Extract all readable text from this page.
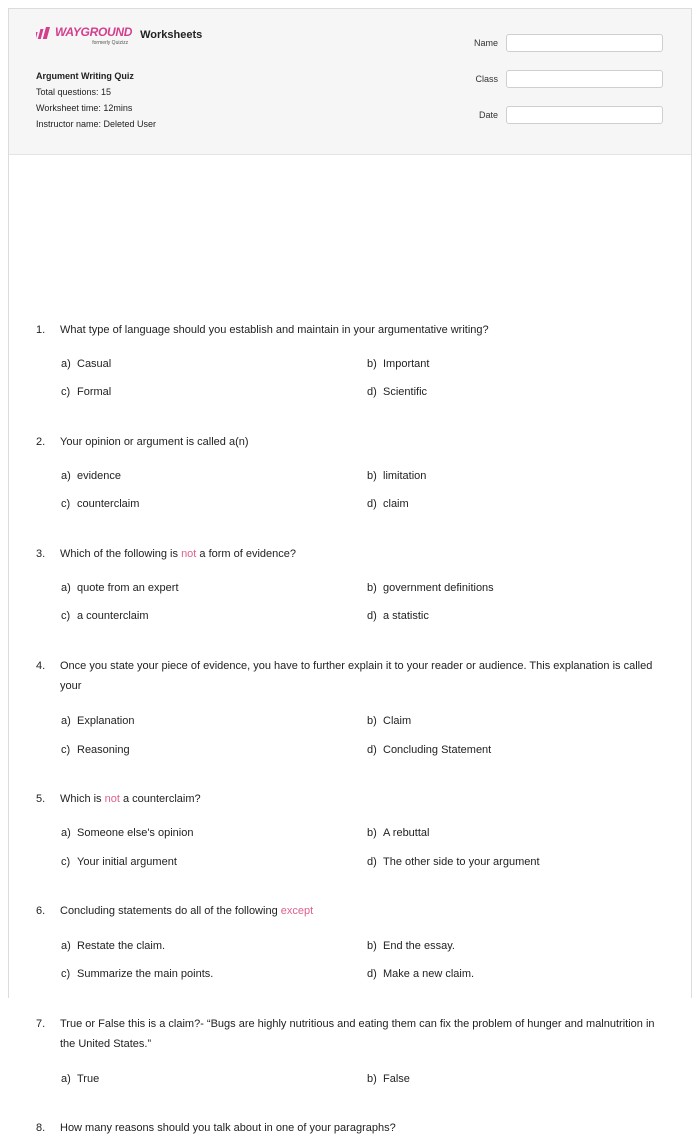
WAYGROUND
formerly Quizizz
Worksheets
Argument Writing Quiz
Total questions: 15
Worksheet time: 12mins
Instructor name: Deleted User
Name
Class
Date
1.	What type of language should you establish and maintain in your argumentative writing?
a) Casual	b) Important
c) Formal	d) Scientific
2.	Your opinion or argument is called a(n)
a) evidence	b) limitation
c) counterclaim	d) claim
3.	Which of the following is not a form of evidence?
a) quote from an expert	b) government definitions
c) a counterclaim	d) a statistic
4.	Once you state your piece of evidence, you have to further explain it to your reader or audience. This explanation is called your
a) Explanation	b) Claim
c) Reasoning	d) Concluding Statement
5.	Which is not a counterclaim?
a) Someone else's opinion	b) A rebuttal
c) Your initial argument	d) The other side to your argument
6.	Concluding statements do all of the following except
a) Restate the claim.	b) End the essay.
c) Summarize the main points.	d) Make a new claim.
7.	True or False this is a claim?- “Bugs are highly nutritious and eating them can fix the problem of hunger and malnutrition in the United States.”
a) True	b) False
8.	How many reasons should you talk about in one of your paragraphs?
